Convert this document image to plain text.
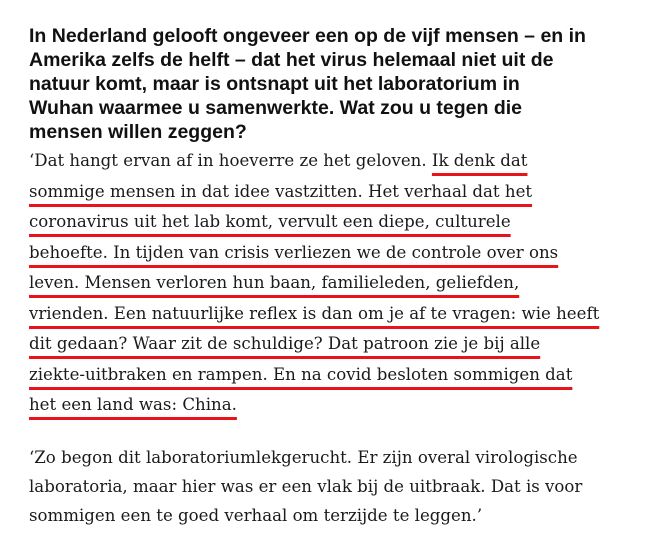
In Nederland gelooft ongeveer een op de vijf mensen – en in
Amerika zelfs de helft – dat het virus helemaal niet uit de
natuur komt, maar is ontsnapt uit het laboratorium in
Wuhan waarmee u samenwerkte. Wat zou u tegen die
mensen willen zeggen?

‘Dat hangt ervan af in hoeverre ze het geloven. Ik denk dat
sommige mensen in dat idee vastzitten. Het verhaal dat het
coronavirus uit het lab komt, vervult een diepe, culturele
behoefte. In tijden van crisis verliezen we de controle over ons
leven. Mensen verloren hun baan, familieleden, geliefden,
vrienden. Een natuurlijke reflex is dan om je af te vragen: wie heeft
dit gedaan? Waar zit de schuldige? Dat patroon zie je bij alle
ziekte-uitbraken en rampen. En na covid besloten sommigen dat
het een land was: China.

‘Zo begon dit laboratoriumlekgerucht. Er zijn overal virologische
laboratoria, maar hier was er een vlak bij de uitbraak. Dat is voor
sommigen een te goed verhaal om terzijde te leggen.’
